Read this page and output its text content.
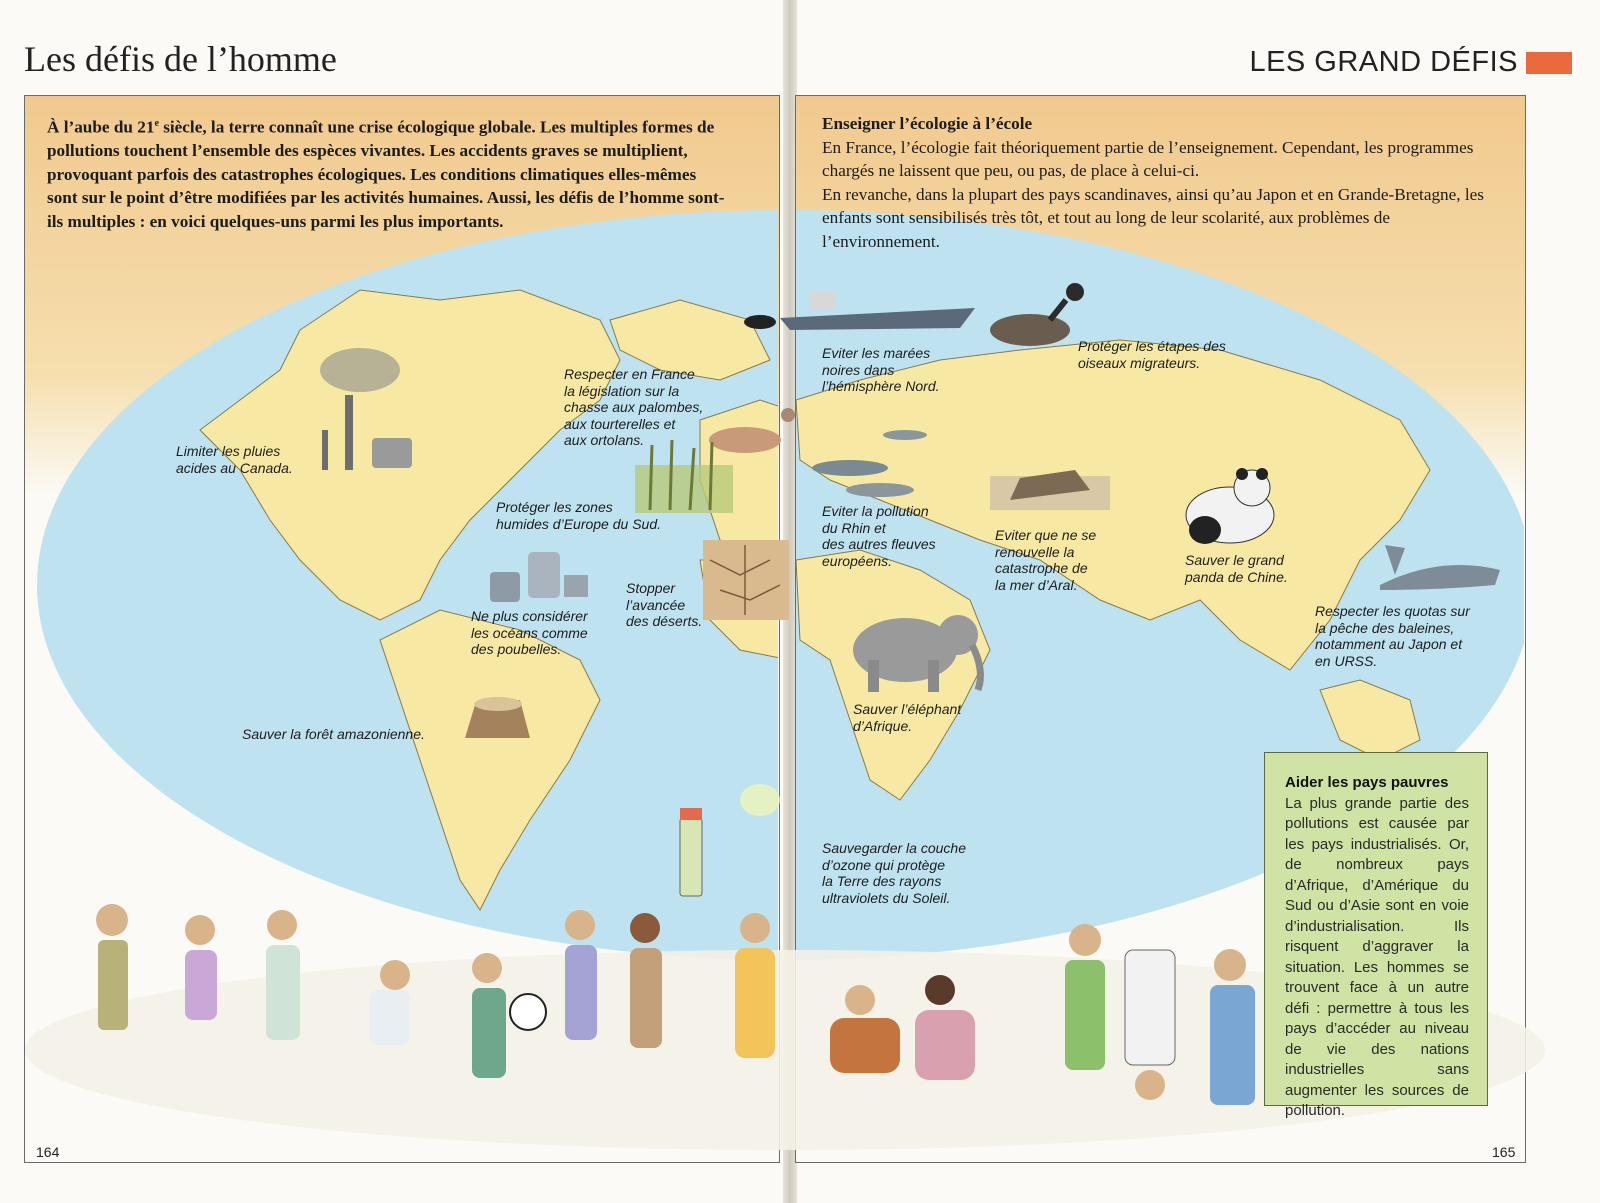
Les défis de l’homme	LES GRAND DÉFIS
À l’aube du 21e siècle, la terre connaît une crise écologique globale. Les multiples formes de pollutions touchent l’ensemble des espèces vivantes. Les accidents graves se multiplient, provoquant parfois des catastrophes écologiques. Les conditions climatiques elles-mêmes sont sur le point d’être modifiées par les activités humaines. Aussi, les défis de l’homme sont-ils multiples : en voici quelques-uns parmi les plus importants.
Enseigner l’écologie à l’école
En France, l’écologie fait théoriquement partie de l’enseignement. Cependant, les programmes chargés ne laissent que peu, ou pas, de place à celui-ci.
En revanche, dans la plupart des pays scandinaves, ainsi qu’au Japon et en Grande-Bretagne, les enfants sont sensibilisés très tôt, et tout au long de leur scolarité, aux problèmes de l’environnement.
Limiter les pluies
acides au Canada.
Respecter en France
la législation sur la
chasse aux palombes,
aux tourterelles et
aux ortolans.
Protéger les zones
humides d’Europe du Sud.
Ne plus considérer
les océans comme
des poubelles.
Stopper
l’avancée
des déserts.
Sauver la forêt amazonienne.
Eviter les marées
noires dans
l’hémisphère Nord.
Protéger les étapes des
oiseaux migrateurs.
Eviter la pollution
du Rhin et
des autres fleuves
européens.
Eviter que ne se
renouvelle la
catastrophe de
la mer d’Aral.
Sauver le grand
panda de Chine.
Respecter les quotas sur
la pêche des baleines,
notamment au Japon et
en URSS.
Sauver l’éléphant
d’Afrique.
Sauvegarder la couche
d’ozone qui protège
la Terre des rayons
ultraviolets du Soleil.
Aider les pays pauvres
La plus grande partie des pollutions est causée par les pays industrialisés. Or, de nombreux pays d’Afrique, d’Amérique du Sud ou d’Asie sont en voie d’industrialisation. Ils risquent d’aggraver la situation. Les hommes se trouvent face à un autre défi : permettre à tous les pays d’accéder au niveau de vie des nations industrielles sans augmenter les sources de pollution.
164	165
